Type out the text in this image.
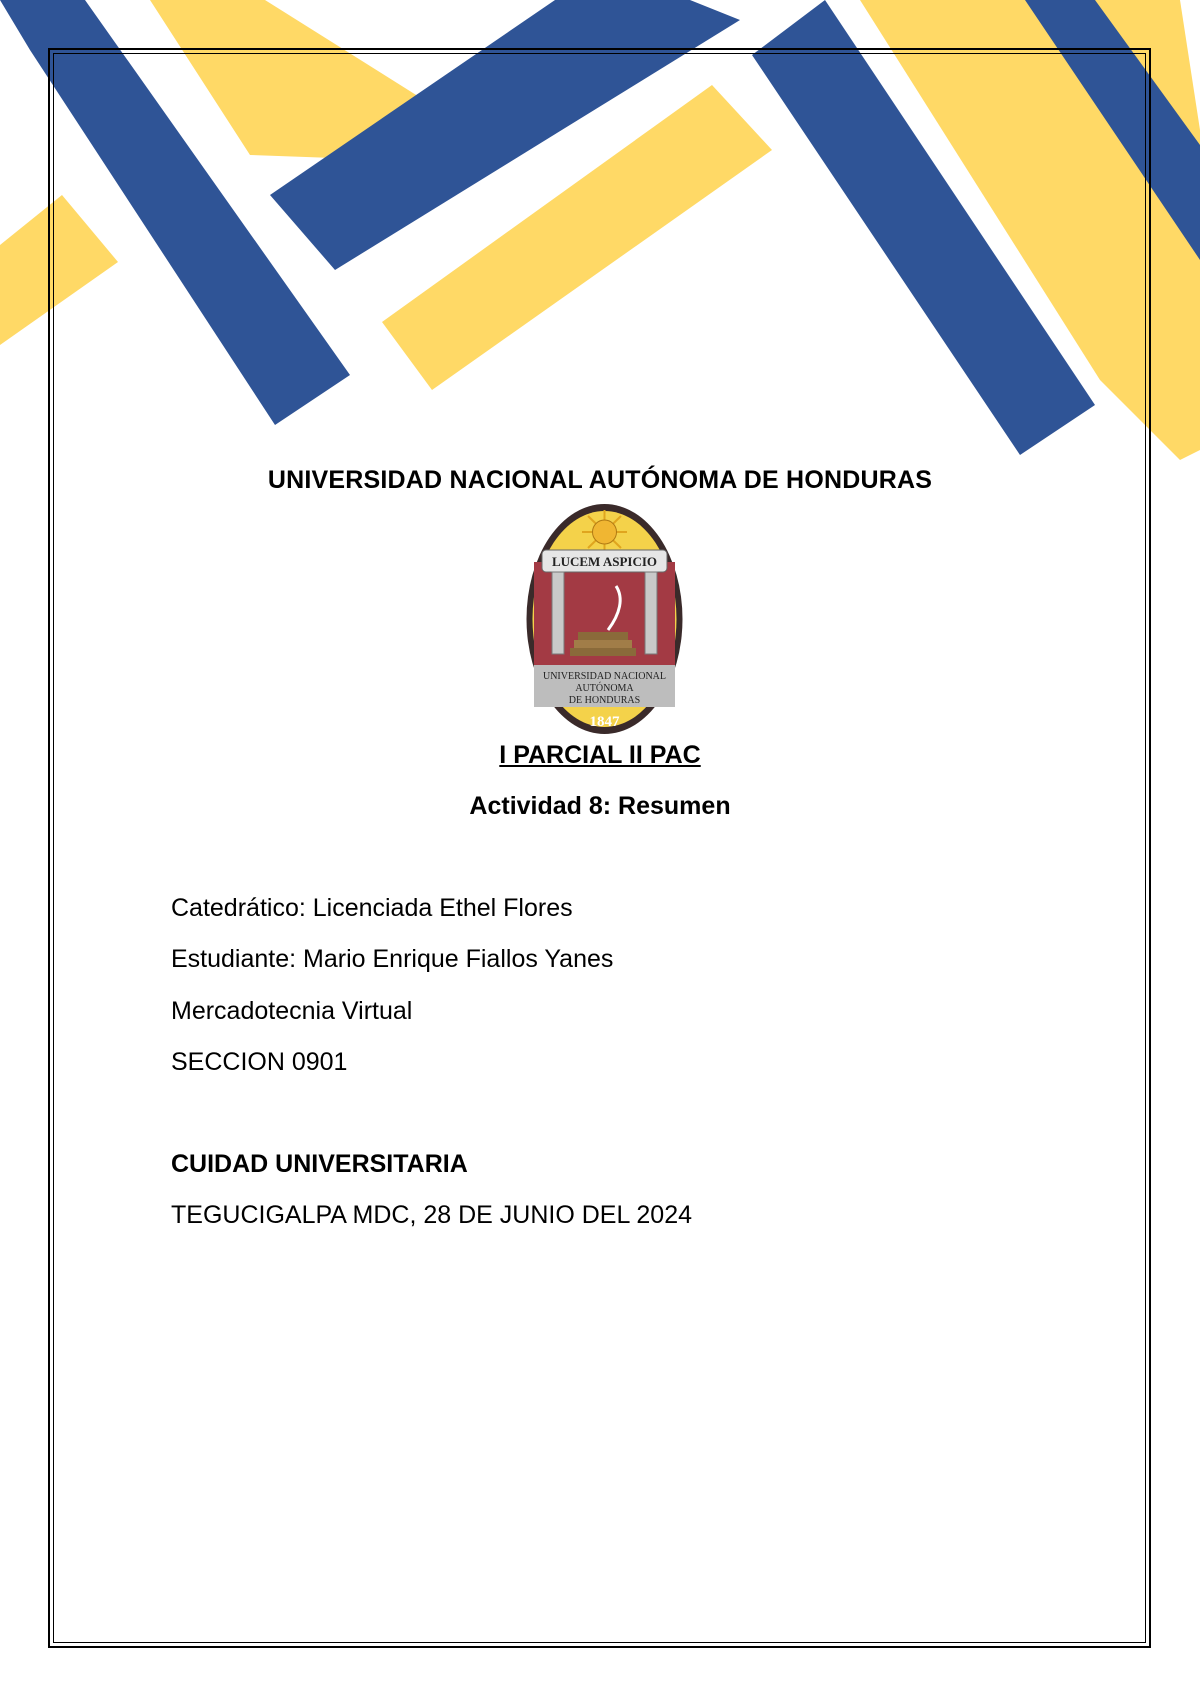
UNIVERSIDAD NACIONAL AUTÓNOMA DE HONDURAS
LUCEM ASPICIO
UNIVERSIDAD NACIONAL
AUTÓNOMA
DE HONDURAS
1847
I PARCIAL II PAC
Actividad 8: Resumen
Catedrático: Licenciada Ethel Flores
Estudiante: Mario Enrique Fiallos Yanes
Mercadotecnia Virtual
SECCION 0901
CUIDAD UNIVERSITARIA
TEGUCIGALPA MDC, 28 DE JUNIO DEL 2024
